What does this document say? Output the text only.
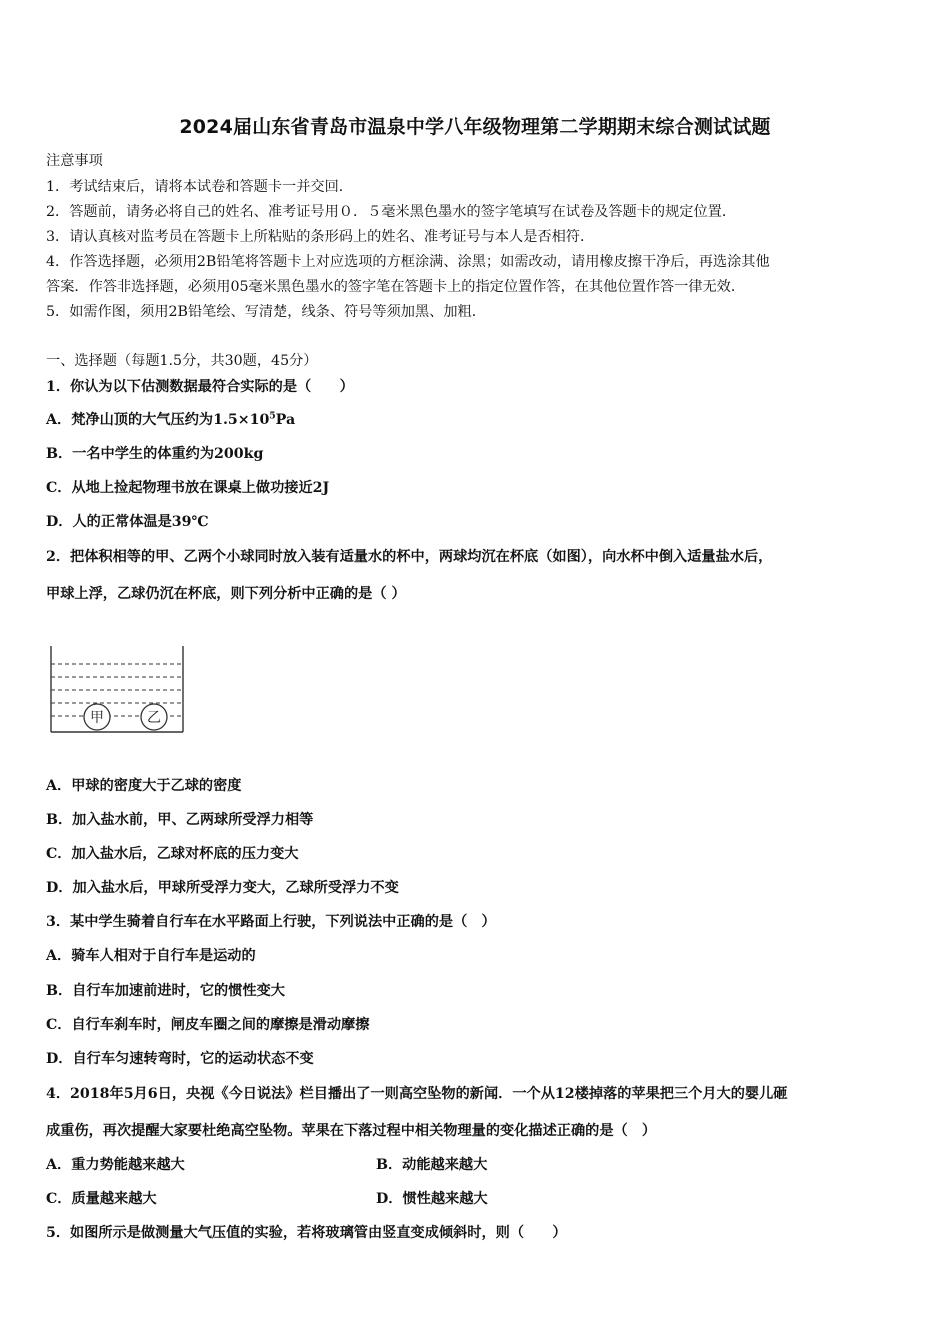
2024届山东省青岛市温泉中学八年级物理第二学期期末综合测试试题
注意事项
1．考试结束后，请将本试卷和答题卡一并交回．
2．答题前，请务必将自己的姓名、准考证号用０．５毫米黑色墨水的签字笔填写在试卷及答题卡的规定位置．
3．请认真核对监考员在答题卡上所粘贴的条形码上的姓名、准考证号与本人是否相符．
4．作答选择题，必须用2B铅笔将答题卡上对应选项的方框涂满、涂黑；如需改动，请用橡皮擦干净后，再选涂其他
答案．作答非选择题，必须用05毫米黑色墨水的签字笔在答题卡上的指定位置作答，在其他位置作答一律无效．
5．如需作图，须用2B铅笔绘、写清楚，线条、符号等须加黑、加粗．
一、选择题（每题1.5分，共30题，45分）
1．你认为以下估测数据最符合实际的是（　　）
A．梵净山顶的大气压约为$1.5\times 10^5Pa$
B．一名中学生的体重约为200kg
C．从地上捡起物理书放在课桌上做功接近2J
D．人的正常体温是39℃
2．把体积相等的甲、乙两个小球同时放入装有适量水的杯中，两球均沉在杯底（如图），向水杯中倒入适量盐水后，
甲球上浮，乙球仍沉在杯底，则下列分析中正确的是（ ）
甲	乙
A．甲球的密度大于乙球的密度
B．加入盐水前，甲、乙两球所受浮力相等
C．加入盐水后，乙球对杯底的压力变大
D．加入盐水后，甲球所受浮力变大，乙球所受浮力不变
3．某中学生骑着自行车在水平路面上行驶，下列说法中正确的是（　）
A．骑车人相对于自行车是运动的
B．自行车加速前进时，它的惯性变大
C．自行车刹车时，闸皮车圈之间的摩擦是滑动摩擦
D．自行车匀速转弯时，它的运动状态不变
4．2018年5月6日，央视《今日说法》栏目播出了一则高空坠物的新闻．一个从12楼掉落的苹果把三个月大的婴儿砸
成重伤，再次提醒大家要杜绝高空坠物。苹果在下落过程中相关物理量的变化描述正确的是（　）
A．重力势能越来越大	B．动能越来越大
C．质量越来越大	D．惯性越来越大
5．如图所示是做测量大气压值的实验，若将玻璃管由竖直变成倾斜时，则（　　）
